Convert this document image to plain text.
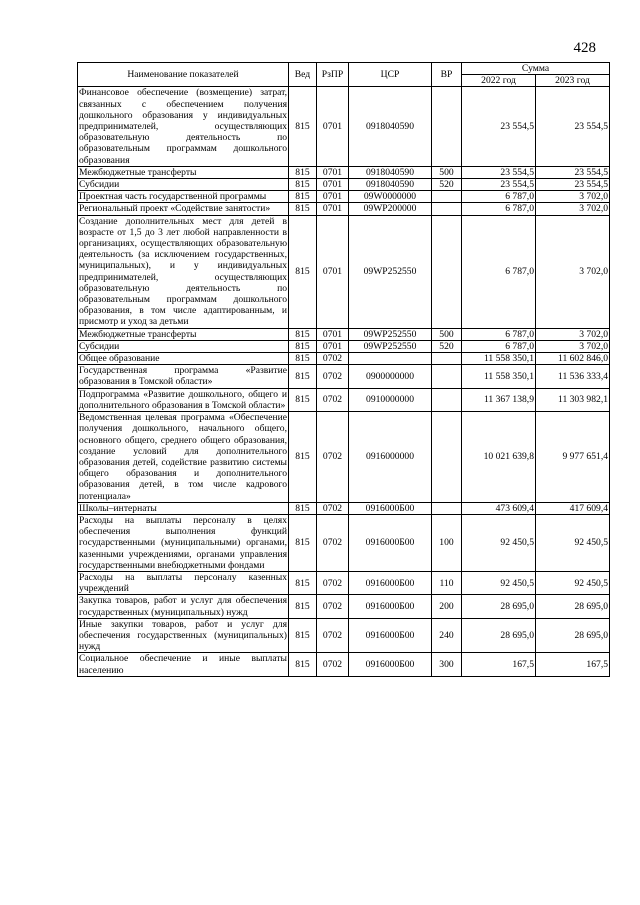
428
Наименование показателей	Вед	РзПР	ЦСР	ВР	Сумма	
					2022 год	2023 год
Финансовое обеспечение (возмещение) затрат, связанных с обеспечением получения дошкольного образования у индивидуальных предпринимателей, осуществляющих образовательную деятельность по образовательным программам дошкольного образования	815	0701	0918040590		23 554,5	23 554,5
Межбюджетные трансферты	815	0701	0918040590	500	23 554,5	23 554,5
Субсидии	815	0701	0918040590	520	23 554,5	23 554,5
Проектная часть государственной программы	815	0701	09W0000000		6 787,0	3 702,0
Региональный проект «Содействие занятости»	815	0701	09WP200000		6 787,0	3 702,0
Создание дополнительных мест для детей в возрасте от 1,5 до 3 лет любой направленности в организациях, осуществляющих образовательную деятельность (за исключением государственных, муниципальных), и у индивидуальных предпринимателей, осуществляющих образовательную деятельность по образовательным программам дошкольного образования, в том числе адаптированным, и присмотр и уход за детьми	815	0701	09WP252550		6 787,0	3 702,0
Межбюджетные трансферты	815	0701	09WP252550	500	6 787,0	3 702,0
Субсидии	815	0701	09WP252550	520	6 787,0	3 702,0
Общее образование	815	0702			11 558 350,1	11 602 846,0
Государственная программа «Развитие образования в Томской области»	815	0702	0900000000		11 558 350,1	11 536 333,4
Подпрограмма «Развитие дошкольного, общего и дополнительного образования в Томской области»	815	0702	0910000000		11 367 138,9	11 303 982,1
Ведомственная целевая программа «Обеспечение получения дошкольного, начального общего, основного общего, среднего общего образования, создание условий для дополнительного образования детей, содействие развитию системы общего образования и дополнительного образования детей, в том числе кадрового потенциала»	815	0702	0916000000		10 021 639,8	9 977 651,4
Школы–интернаты	815	0702	0916000Б00		473 609,4	417 609,4
Расходы на выплаты персоналу в целях обеспечения выполнения функций государственными (муниципальными) органами, казенными учреждениями, органами управления государственными внебюджетными фондами	815	0702	0916000Б00	100	92 450,5	92 450,5
Расходы на выплаты персоналу казенных учреждений	815	0702	0916000Б00	110	92 450,5	92 450,5
Закупка товаров, работ и услуг для обеспечения государственных (муниципальных) нужд	815	0702	0916000Б00	200	28 695,0	28 695,0
Иные закупки товаров, работ и услуг для обеспечения государственных (муниципальных) нужд	815	0702	0916000Б00	240	28 695,0	28 695,0
Социальное обеспечение и иные выплаты населению	815	0702	0916000Б00	300	167,5	167,5
